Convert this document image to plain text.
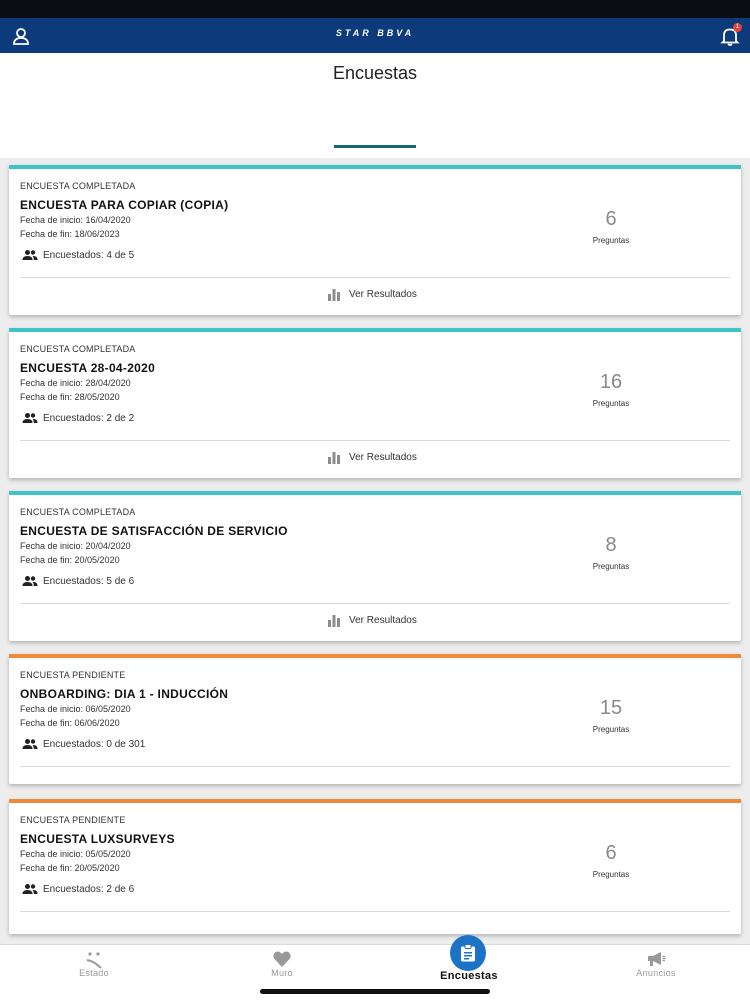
STAR BBVA
1
Encuestas
ENCUESTA COMPLETADA
ENCUESTA PARA COPIAR (COPIA)
Fecha de inicio: 16/04/2020
Fecha de fin: 18/06/2023
Encuestados: 4 de 5
6
Preguntas
Ver Resultados
ENCUESTA COMPLETADA
ENCUESTA 28-04-2020
Fecha de inicio: 28/04/2020
Fecha de fin: 28/05/2020
Encuestados: 2 de 2
16
Preguntas
Ver Resultados
ENCUESTA COMPLETADA
ENCUESTA DE SATISFACCIÓN DE SERVICIO
Fecha de inicio: 20/04/2020
Fecha de fin: 20/05/2020
Encuestados: 5 de 6
8
Preguntas
Ver Resultados
ENCUESTA PENDIENTE
ONBOARDING: DIA 1 - INDUCCIÓN
Fecha de inicio: 06/05/2020
Fecha de fin: 06/06/2020
Encuestados: 0 de 301
15
Preguntas
ENCUESTA PENDIENTE
ENCUESTA LUXSURVEYS
Fecha de inicio: 05/05/2020
Fecha de fin: 20/05/2020
Encuestados: 2 de 6
6
Preguntas
Estado	Muro	Encuestas	Anuncios
